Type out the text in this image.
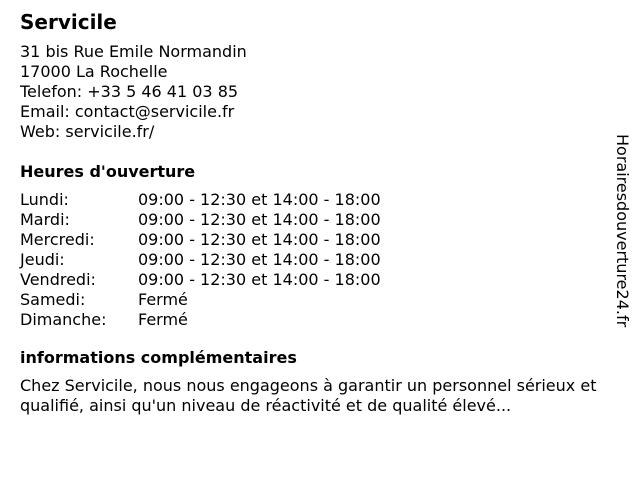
Servicile
31 bis Rue Emile Normandin
17000 La Rochelle
Telefon: +33 5 46 41 03 85
Email: contact@servicile.fr
Web: servicile.fr/
Heures d'ouverture
Lundi:	09:00 - 12:30 et 14:00 - 18:00
Mardi:	09:00 - 12:30 et 14:00 - 18:00
Mercredi:	09:00 - 12:30 et 14:00 - 18:00
Jeudi:	09:00 - 12:30 et 14:00 - 18:00
Vendredi:	09:00 - 12:30 et 14:00 - 18:00
Samedi:	Fermé
Dimanche:	Fermé
informations complémentaires
Chez Servicile, nous nous engageons à garantir un personnel sérieux et qualifié, ainsi qu'un niveau de réactivité et de qualité élevé...
Horairesdouverture24.fr
